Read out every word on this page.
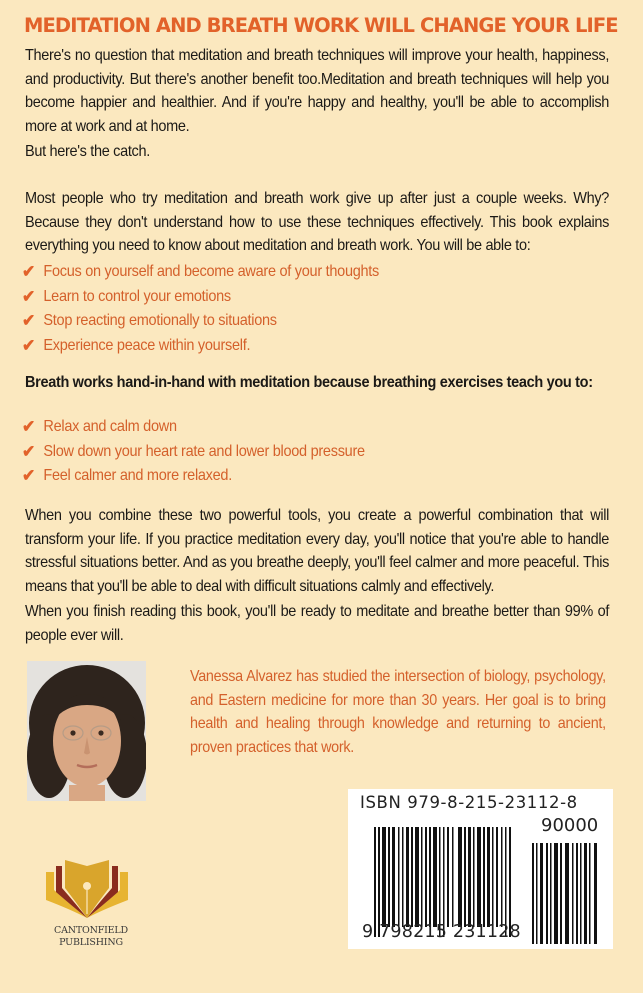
MEDITATION AND BREATH WORK WILL CHANGE YOUR LIFE

There's no question that meditation and breath techniques will improve your health, happiness, and productivity. But there's another benefit too.Meditation and breath techniques will help you become happier and healthier. And if you're happy and healthy, you'll be able to accomplish more at work and at home.

But here's the catch.

Most people who try meditation and breath work give up after just a couple weeks. Why? Because they don't understand how to use these techniques effectively. This book explains everything you need to know about meditation and breath work. You will be able to:

✔ Focus on yourself and become aware of your thoughts
✔ Learn to control your emotions
✔ Stop reacting emotionally to situations
✔ Experience peace within yourself.

Breath works hand-in-hand with meditation because breathing exercises teach you to:

✔ Relax and calm down
✔ Slow down your heart rate and lower blood pressure
✔ Feel calmer and more relaxed.

When you combine these two powerful tools, you create a powerful combination that will transform your life. If you practice meditation every day, you'll notice that you're able to handle stressful situations better. And as you breathe deeply, you'll feel calmer and more peaceful. This means that you'll be able to deal with difficult situations calmly and effectively.

When you finish reading this book, you'll be ready to meditate and breathe better than 99% of people ever will.

Vanessa Alvarez has studied the intersection of biology, psychology, and Eastern medicine for more than 30 years. Her goal is to bring health and healing through knowledge and returning to ancient, proven practices that work.

ISBN 979-8-215-23112-8
90000
9 798215 231128
CANTONFIELD
PUBLISHING
